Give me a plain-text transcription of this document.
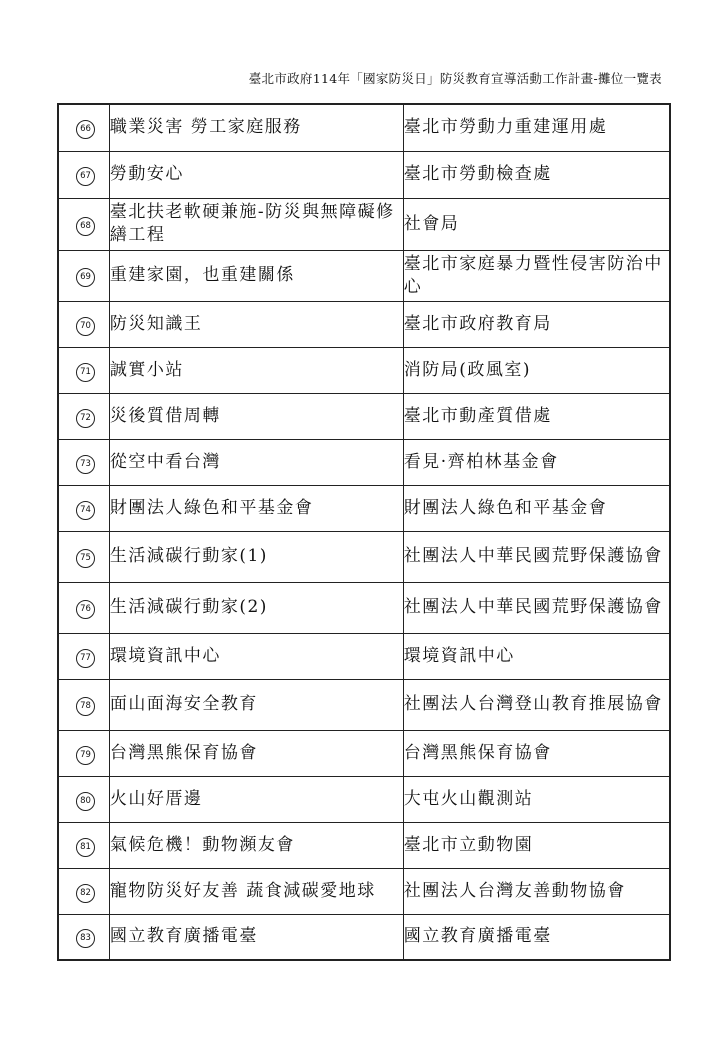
臺北市政府114年「國家防災日」防災教育宣導活動工作計畫-攤位一覽表
66	職業災害 勞工家庭服務	臺北市勞動力重建運用處
67	勞動安心	臺北市勞動檢查處
68	臺北扶老軟硬兼施-防災與無障礙修繕工程	社會局
69	重建家園，也重建關係	臺北市家庭暴力暨性侵害防治中心
70	防災知識王	臺北市政府教育局
71	誠實小站	消防局(政風室)
72	災後質借周轉	臺北市動產質借處
73	從空中看台灣	看見·齊柏林基金會
74	財團法人綠色和平基金會	財團法人綠色和平基金會
75	生活減碳行動家(1)	社團法人中華民國荒野保護協會
76	生活減碳行動家(2)	社團法人中華民國荒野保護協會
77	環境資訊中心	環境資訊中心
78	面山面海安全教育	社團法人台灣登山教育推展協會
79	台灣黑熊保育協會	台灣黑熊保育協會
80	火山好厝邊	大屯火山觀測站
81	氣候危機！動物瀕友會	臺北市立動物園
82	寵物防災好友善 蔬食減碳愛地球	社團法人台灣友善動物協會
83	國立教育廣播電臺	國立教育廣播電臺
